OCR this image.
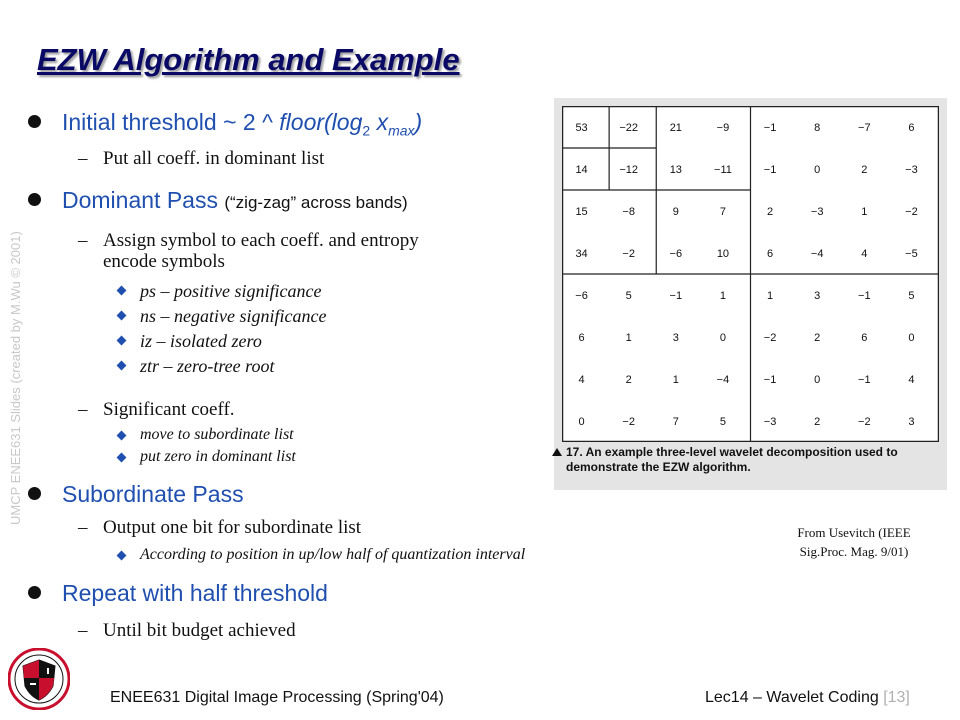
EZW Algorithm and Example
UMCP ENEE631 Slides (created by M.Wu © 2001)
Initial threshold ~ 2 ^ $floor(\log_2$ $x_{max}$)
– Put all coeff. in dominant list
Dominant Pass (“zig-zag” across bands)
– Assign symbol to each coeff. and entropy encode symbols
ps – positive significance
ns – negative significance
iz – isolated zero
ztr – zero-tree root
– Significant coeff.
move to subordinate list
put zero in dominant list
Subordinate Pass
– Output one bit for subordinate list
According to position in up/low half of quantization interval
Repeat with half threshold
– Until bit budget achieved
53	−22	21	−9	−1	8	−7	6
14	−12	13	−11	−1	0	2	−3
15	−8	9	7	2	−3	1	−2
34	−2	−6	10	6	−4	4	−5
−6	5	−1	1	1	3	−1	5
6	1	3	0	−2	2	6	0
4	2	1	−4	−1	0	−1	4
0	−2	7	5	−3	2	−2	3
17. An example three-level wavelet decomposition used to demonstrate the EZW algorithm.
From Usevitch (IEEE Sig.Proc. Mag. 9/01)
ENEE631 Digital Image Processing (Spring'04)	Lec14 – Wavelet Coding [13]
